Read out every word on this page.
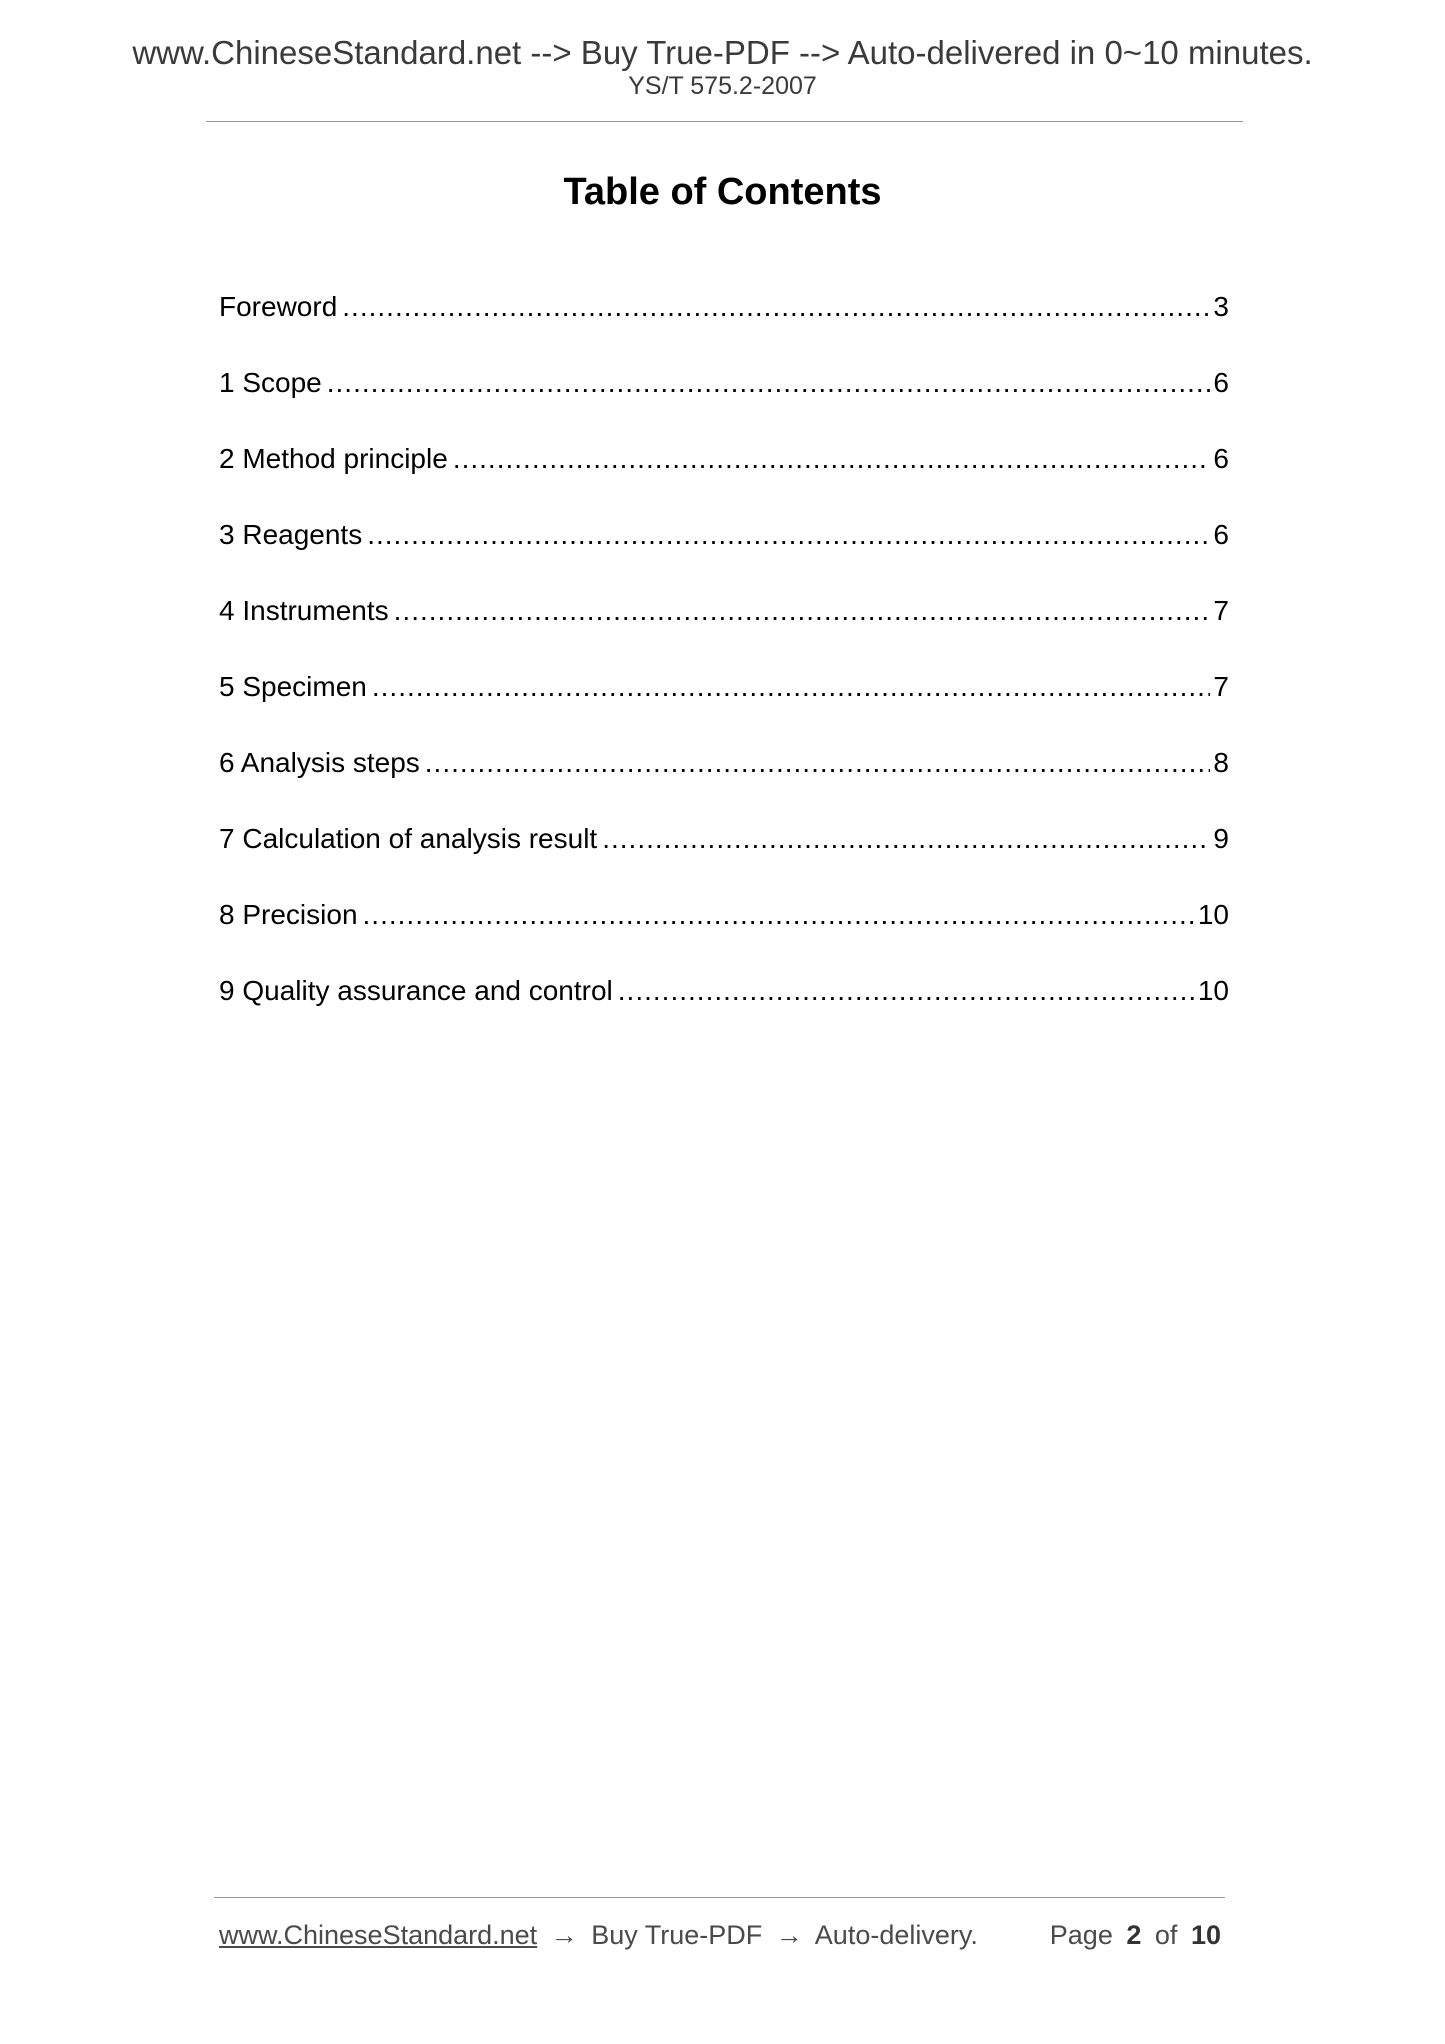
www.ChineseStandard.net --> Buy True-PDF --> Auto-delivered in 0~10 minutes.
YS/T 575.2-2007
Table of Contents
Foreword .....	3
1 Scope .....	6
2 Method principle .....	6
3 Reagents .....	6
4 Instruments .....	7
5 Specimen .....	7
6 Analysis steps .....	8
7 Calculation of analysis result .....	9
8 Precision .....	10
9 Quality assurance and control .....	10
www.ChineseStandard.net → Buy True-PDF → Auto-delivery.	Page 2 of 10
